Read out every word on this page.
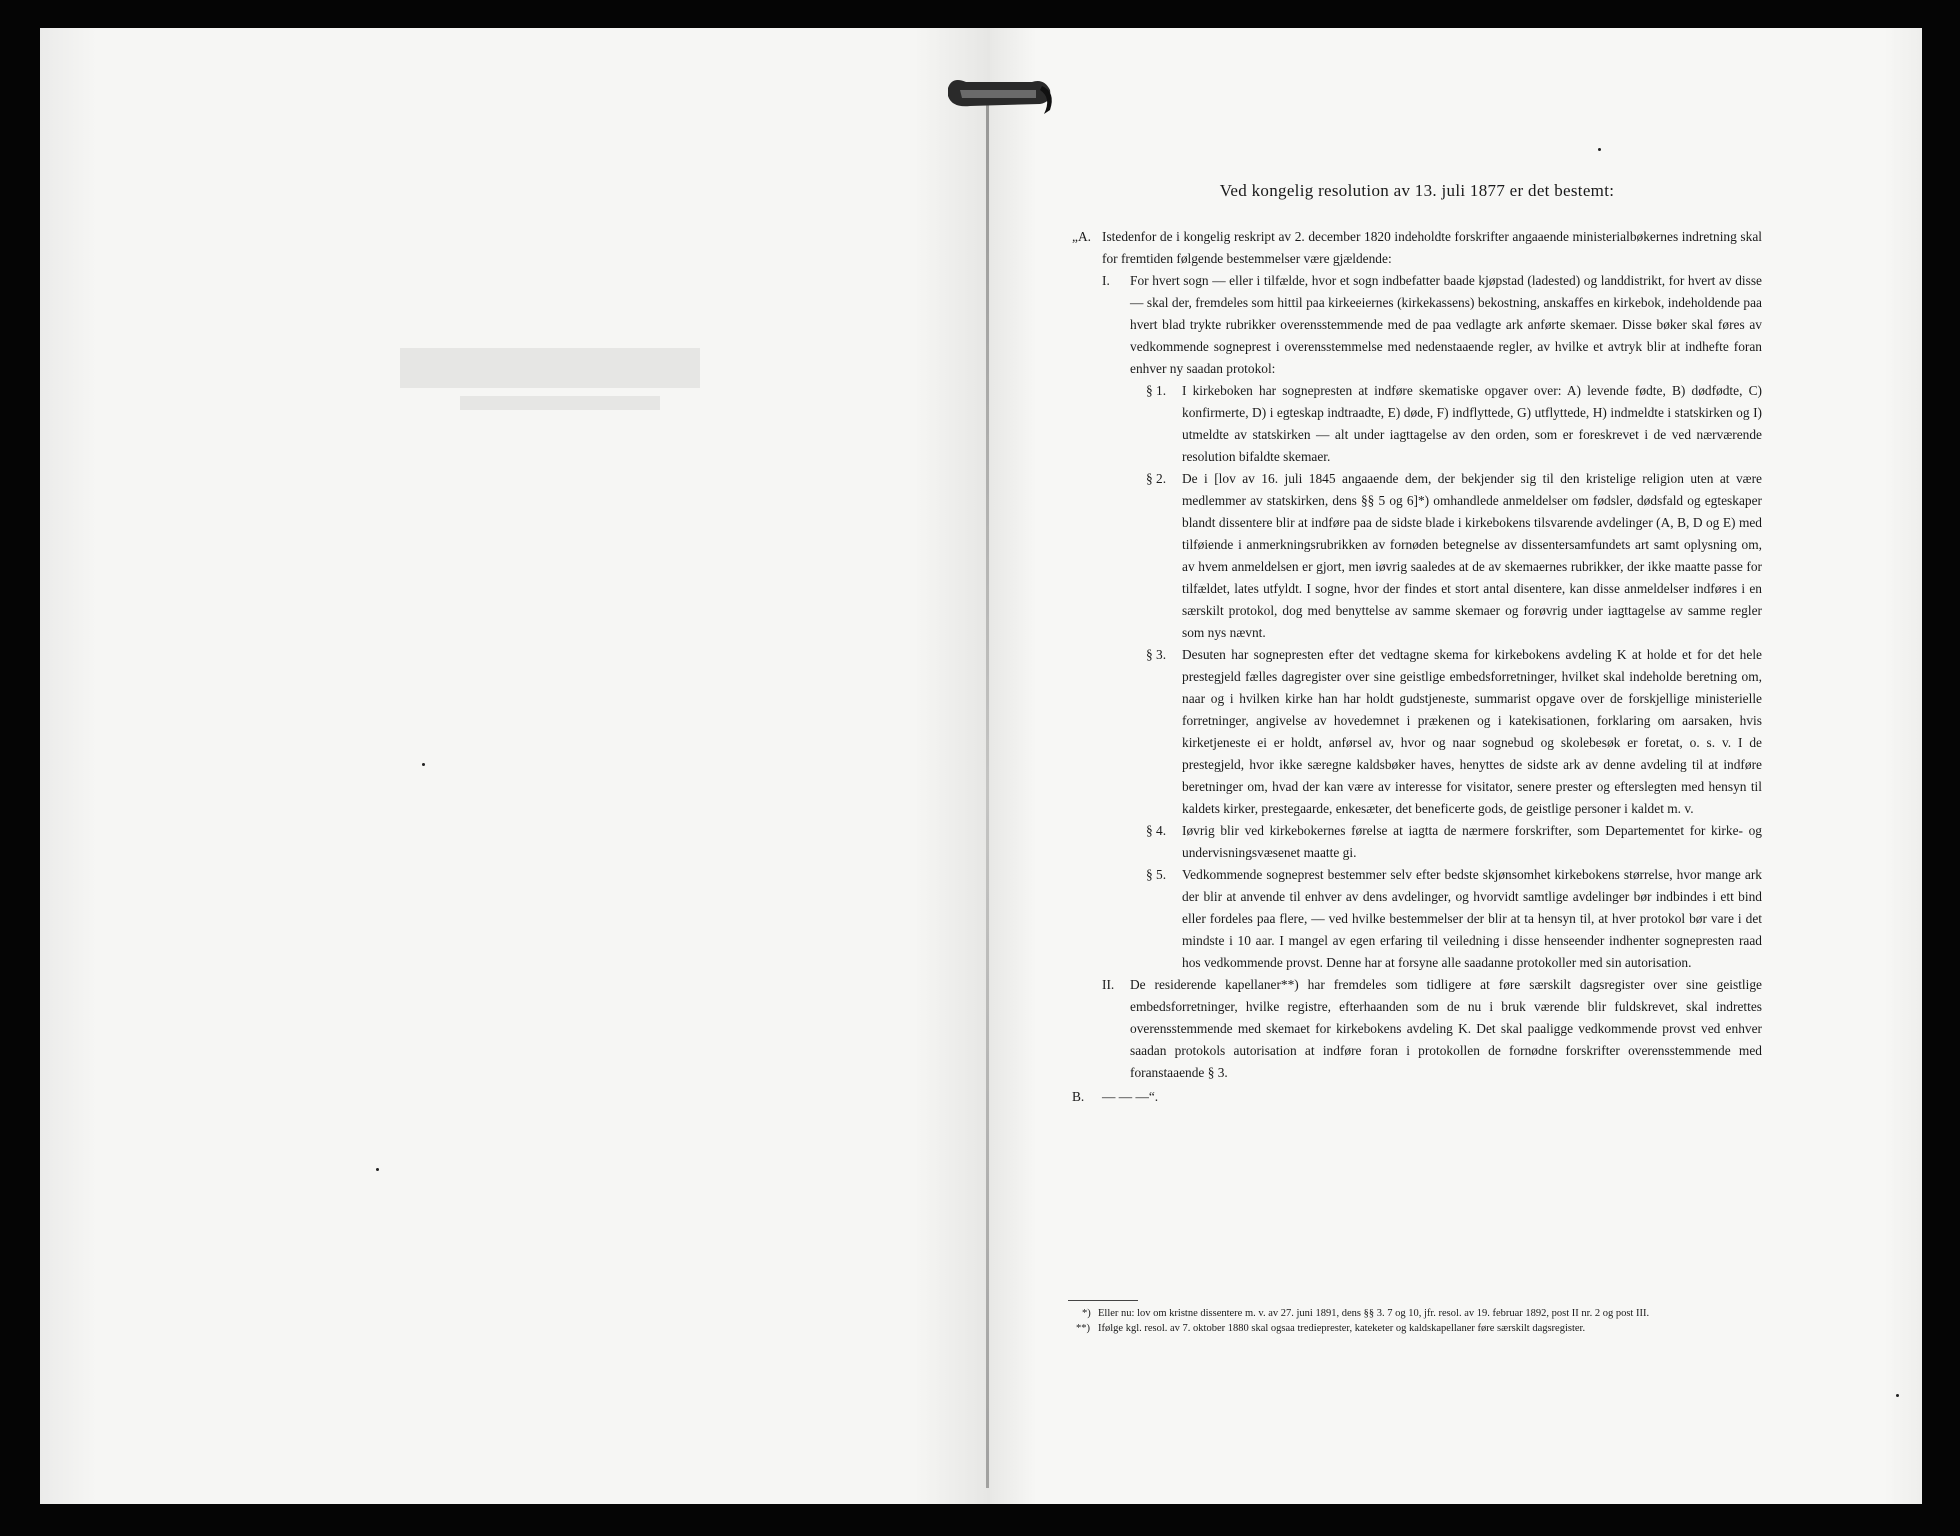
Ved kongelig resolution av 13. juli 1877 er det bestemt:

„A. Istedenfor de i kongelig reskript av 2. december 1820 indeholdte forskrifter angaaende ministerialbøkernes indretning skal for fremtiden følgende bestemmelser være gjældende:

I. For hvert sogn — eller i tilfælde, hvor et sogn indbefatter baade kjøpstad (ladested) og landdistrikt, for hvert av disse — skal der, fremdeles som hittil paa kirkeeiernes (kirkekassens) bekostning, anskaffes en kirkebok, indeholdende paa hvert blad trykte rubrikker overensstemmende med de paa vedlagte ark anførte skemaer. Disse bøker skal føres av vedkommende sogneprest i overensstemmelse med nedenstaaende regler, av hvilke et avtryk blir at indhefte foran enhver ny saadan protokol:

§ 1. I kirkeboken har sognepresten at indføre skematiske opgaver over: A) levende fødte, B) dødfødte, C) konfirmerte, D) i egteskap indtraadte, E) døde, F) indflyttede, G) utflyttede, H) indmeldte i statskirken og I) utmeldte av statskirken — alt under iagttagelse av den orden, som er foreskrevet i de ved nærværende resolution bifaldte skemaer.

§ 2. De i [lov av 16. juli 1845 angaaende dem, der bekjender sig til den kristelige religion uten at være medlemmer av statskirken, dens §§ 5 og 6]*) omhandlede anmeldelser om fødsler, dødsfald og egteskaper blandt dissentere blir at indføre paa de sidste blade i kirkebokens tilsvarende avdelinger (A, B, D og E) med tilføiende i anmerkningsrubrikken av fornøden betegnelse av dissentersamfundets art samt oplysning om, av hvem anmeldelsen er gjort, men iøvrig saaledes at de av skemaernes rubrikker, der ikke maatte passe for tilfældet, lates utfyldt. I sogne, hvor der findes et stort antal disentere, kan disse anmeldelser indføres i en særskilt protokol, dog med benyttelse av samme skemaer og forøvrig under iagttagelse av samme regler som nys nævnt.

§ 3. Desuten har sognepresten efter det vedtagne skema for kirkebokens avdeling K at holde et for det hele prestegjeld fælles dagregister over sine geistlige embedsforretninger, hvilket skal indeholde beretning om, naar og i hvilken kirke han har holdt gudstjeneste, summarist opgave over de forskjellige ministerielle forretninger, angivelse av hovedemnet i prækenen og i katekisationen, forklaring om aarsaken, hvis kirketjeneste ei er holdt, anførsel av, hvor og naar sognebud og skolebesøk er foretat, o. s. v. I de prestegjeld, hvor ikke særegne kaldsbøker haves, henyttes de sidste ark av denne avdeling til at indføre beretninger om, hvad der kan være av interesse for visitator, senere prester og efterslegten med hensyn til kaldets kirker, prestegaarde, enkesæter, det beneficerte gods, de geistlige personer i kaldet m. v.

§ 4. Iøvrig blir ved kirkebokernes førelse at iagtta de nærmere forskrifter, som Departementet for kirke- og undervisningsvæsenet maatte gi.

§ 5. Vedkommende sogneprest bestemmer selv efter bedste skjønsomhet kirkebokens størrelse, hvor mange ark der blir at anvende til enhver av dens avdelinger, og hvorvidt samtlige avdelinger bør indbindes i ett bind eller fordeles paa flere, — ved hvilke bestemmelser der blir at ta hensyn til, at hver protokol bør vare i det mindste i 10 aar. I mangel av egen erfaring til veiledning i disse henseender indhenter sognepresten raad hos vedkommende provst. Denne har at forsyne alle saadanne protokoller med sin autorisation.

II. De residerende kapellaner**) har fremdeles som tidligere at føre særskilt dagsregister over sine geistlige embedsforretninger, hvilke registre, efterhaanden som de nu i bruk værende blir fuldskrevet, skal indrettes overensstemmende med skemaet for kirkebokens avdeling K. Det skal paaligge vedkommende provst ved enhver saadan protokols autorisation at indføre foran i protokollen de fornødne forskrifter overensstemmende med foranstaaende § 3.

B. — — —“.

*) Eller nu: lov om kristne dissentere m. v. av 27. juni 1891, dens §§ 3. 7 og 10, jfr. resol. av 19. februar 1892, post II nr. 2 og post III.

**) Ifølge kgl. resol. av 7. oktober 1880 skal ogsaa tredieprester, kateketer og kaldskapellaner føre særskilt dagsregister.
